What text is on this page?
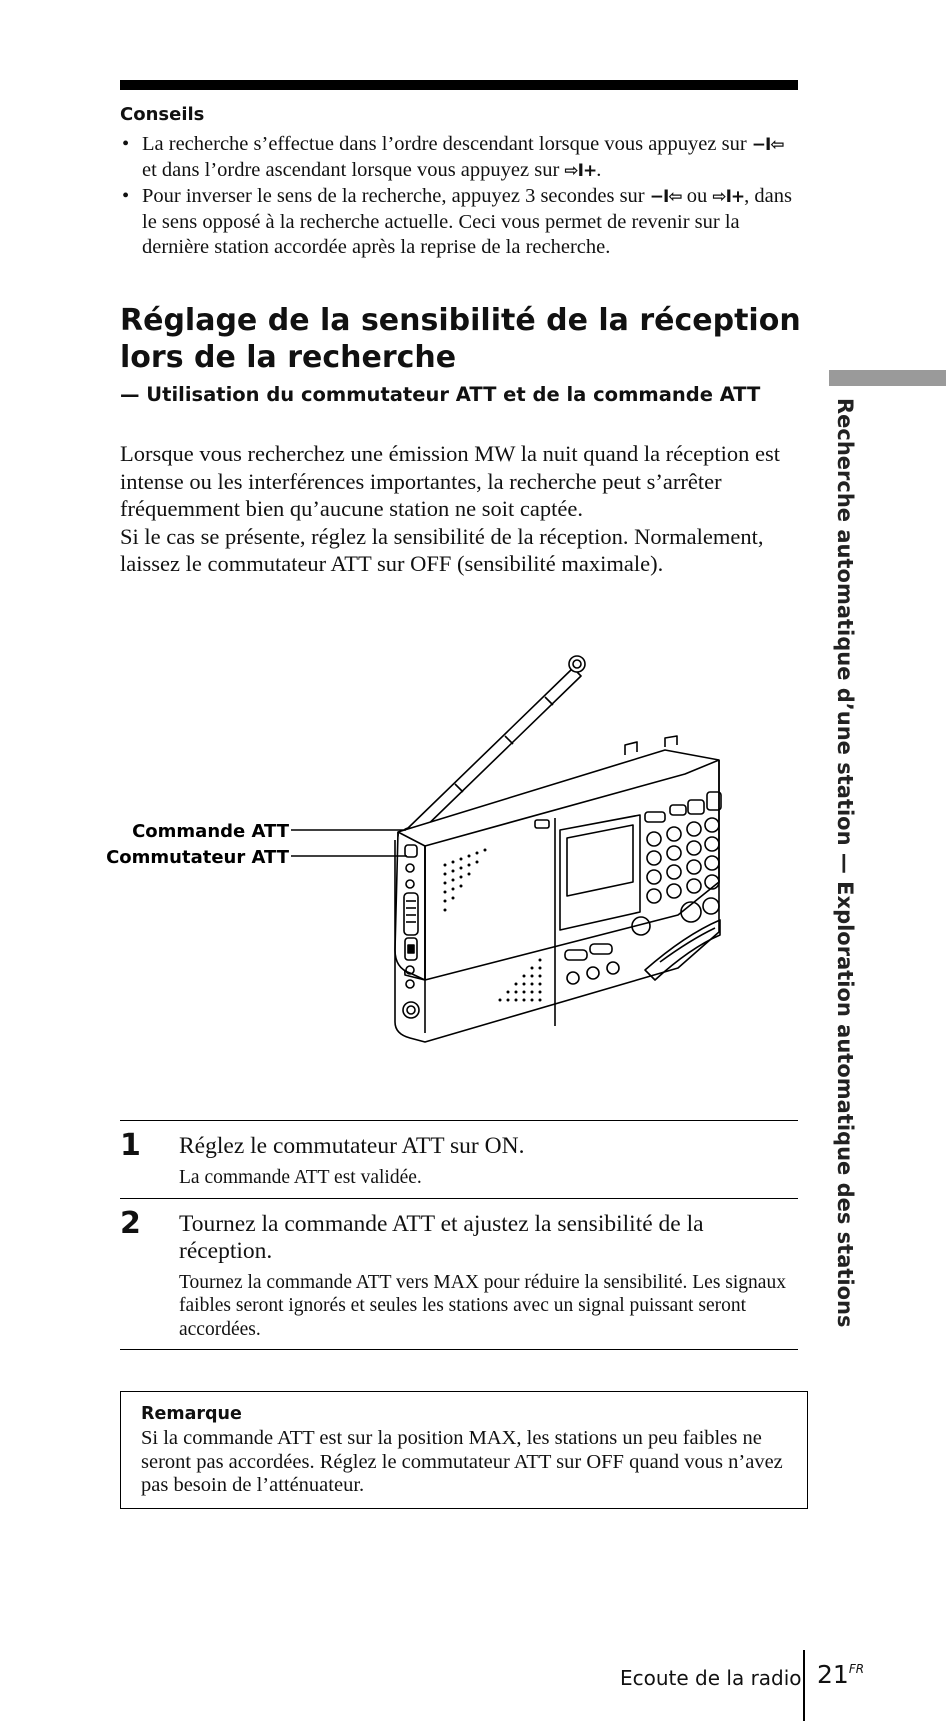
Conseils
• La recherche s’effectue dans l’ordre descendant lorsque vous appuyez sur −I⇦ et dans l’ordre ascendant lorsque vous appuyez sur ⇨I+.
• Pour inverser le sens de la recherche, appuyez 3 secondes sur −I⇦ ou ⇨I+, dans le sens opposé à la recherche actuelle. Ceci vous permet de revenir sur la dernière station accordée après la reprise de la recherche.
Réglage de la sensibilité de la réception
lors de la recherche
— Utilisation du commutateur ATT et de la commande ATT

Lorsque vous recherchez une émission MW la nuit quand la réception est intense ou les interférences importantes, la recherche peut s’arrêter fréquemment bien qu’aucune station ne soit captée.

Si le cas se présente, réglez la sensibilité de la réception. Normalement, laissez le commutateur ATT sur OFF (sensibilité maximale).

Commande ATT
Commutateur ATT
1 Réglez le commutateur ATT sur ON.
La commande ATT est validée.
2 Tournez la commande ATT et ajustez la sensibilité de la réception.
Tournez la commande ATT vers MAX pour réduire la sensibilité. Les signaux faibles seront ignorés et seules les stations avec un signal puissant seront accordées.
Remarque
Si la commande ATT est sur la position MAX, les stations un peu faibles ne seront pas accordées. Réglez le commutateur ATT sur OFF quand vous n’avez pas besoin de l’atténuateur.
Recherche automatique d’une station — Exploration automatique des stations
Ecoute de la radio $21^{FR}$
